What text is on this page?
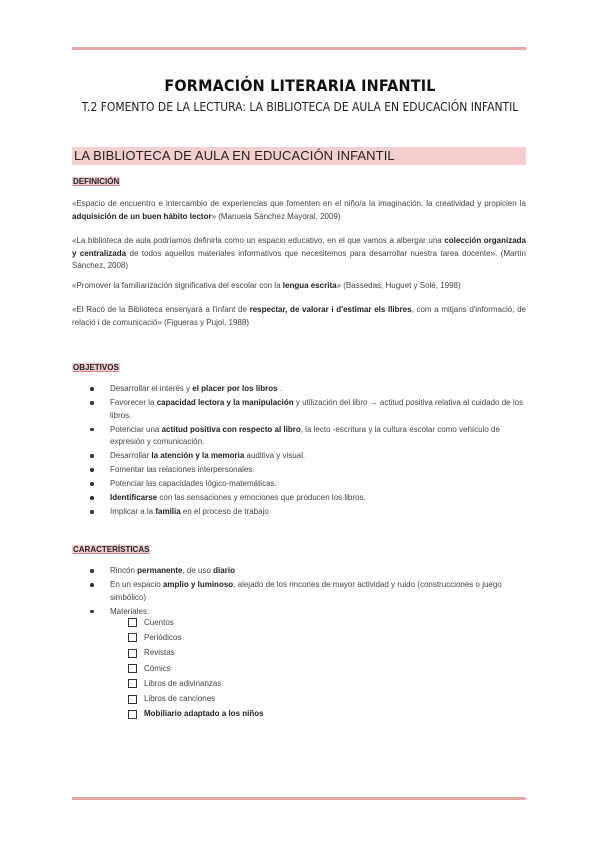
FORMACIÓN LITERARIA INFANTIL
T.2 FOMENTO DE LA LECTURA: LA BIBLIOTECA DE AULA EN EDUCACIÓN INFANTIL
LA BIBLIOTECA DE AULA EN EDUCACIÓN INFANTIL
DEFINICIÓN
«Espacio de encuentro e intercambio de experiencias que fomenten en el niño/a la imaginación, la creatividad y propicien la adquisición de un buen hábito lector» (Manuela Sánchez Mayoral, 2009)
«La biblioteca de aula podríamos definirla como un espacio educativo, en el que vamos a albergar una colección organizada y centralizada de todos aquellos materiales informativos que necesitemos para desarrollar nuestra tarea docente». (Martín Sánchez, 2008)
«Promover la familiarización significativa del escolar con la lengua escrita» (Bassedas, Huguet y Solé, 1998)
«El Racó de la Biblioteca ensenyarà a l'infant de respectar, de valorar i d'estimar els llibres, com a mitjans d'informació, de relació i de comunicació» (Figueras y Pujol, 1988)
OBJETIVOS
Desarrollar el interés y el placer por los libros .
Favorecer la capacidad lectora y la manipulación y utilización del libro → actitud positiva relativa al cuidado de los libros.
Potenciar una actitud positiva con respecto al libro, la lecto -escritura y la cultura escolar como vehículo de expresión y comunicación.
Desarrollar la atención y la memoria auditiva y visual.
Fomentar las relaciones interpersonales.
Potenciar las capacidades lógico-matemáticas.
Identificarse con las sensaciones y emociones que producen los libros.
Implicar a la familia en el proceso de trabajo
CARACTERÍSTICAS
Rincón permanente, de uso diario
En un espacio amplio y luminoso, alejado de los rincones de mayor actividad y ruido (construcciones o juego simbólico)
Materiales:
Cuentos
Periódicos
Revistas
Cómics
Libros de adivinanzas
Libros de canciones
Mobiliario adaptado a los niños
